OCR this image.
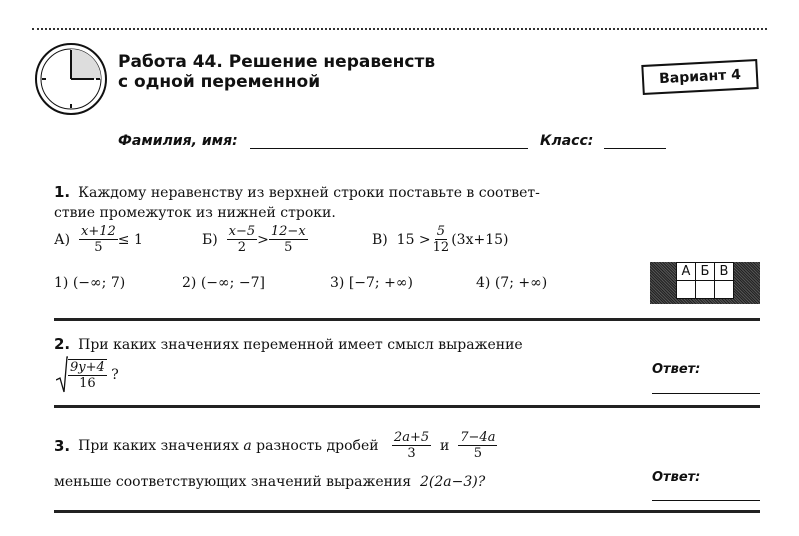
Работа 44. Решение неравенств
с одной переменной	Вариант 4
Фамилия, имя:	Класс:
1. Каждому неравенству из верхней строки поставьте в соответ-
ствие промежуток из нижней строки.
А)
$\frac{x+12}{5} \le 1$	Б)
$\frac{x-5}{2} > \frac{12-x}{5}$	В)
$15 > \frac{5}{12} (3x+15)$
1) (−∞; 7)	2) (−∞; −7]	3) [−7; +∞)	4) (7; +∞)
А	Б	В

2. При каких значениях переменной имеет смысл выражение
$\frac{9y+4}{16}$
?	Ответ:
3. При каких значениях
a
разность дробей
$\frac{2a+5}{3}$
и
$\frac{7-4a}{5}$
меньше соответствующих значений выражения
2(2a−3)?	Ответ:
